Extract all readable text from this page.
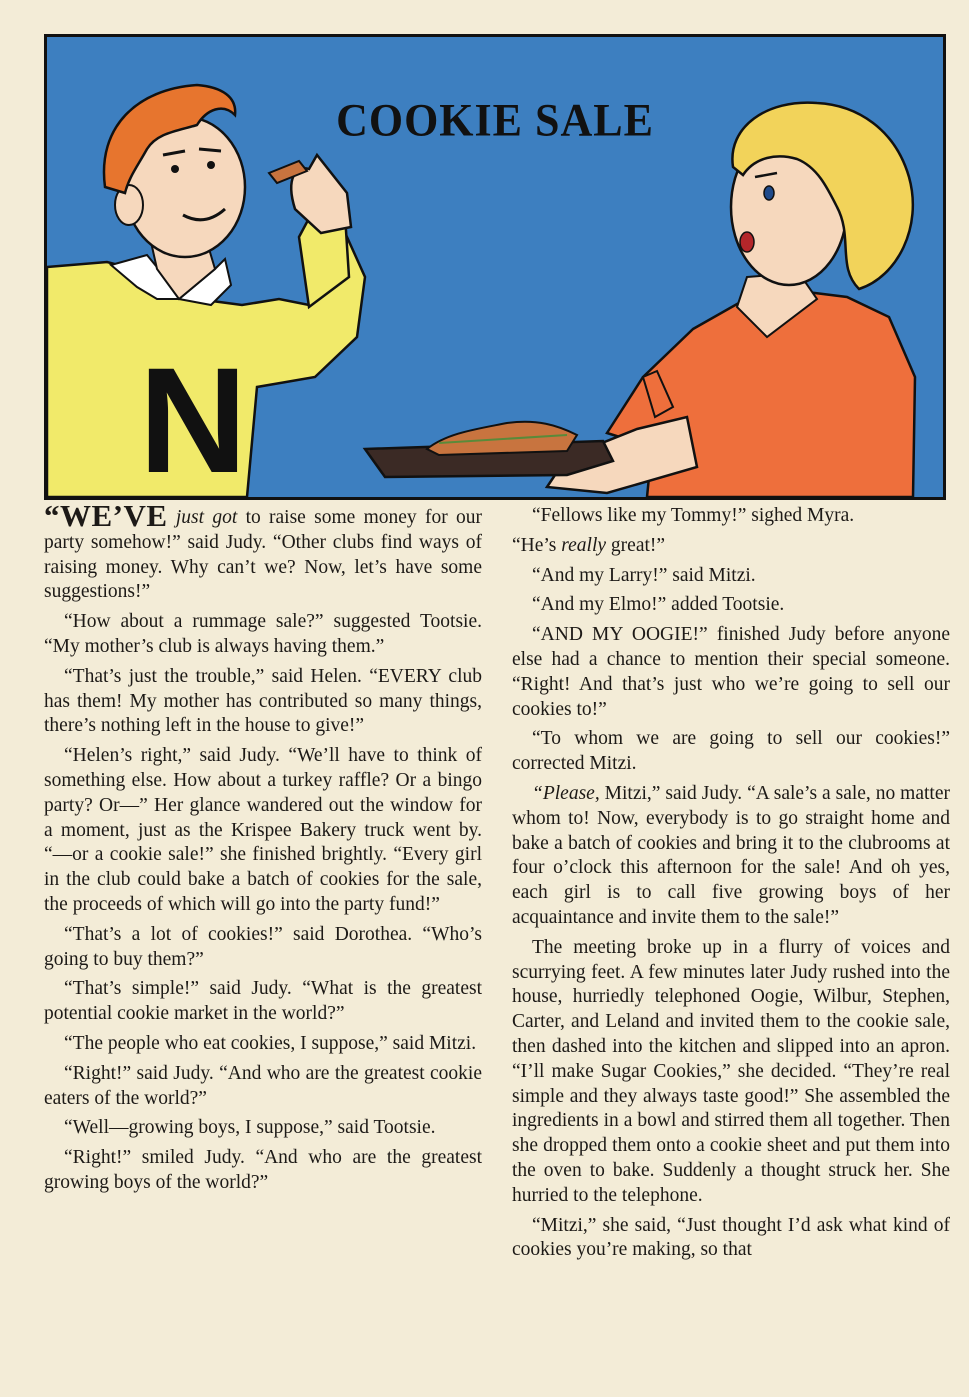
N
COOKIE SALE

“WE’VE just got to raise some money for our party somehow!” said Judy. “Other clubs find ways of raising money. Why can’t we? Now, let’s have some suggestions!”

“How about a rummage sale?” suggested Tootsie. “My mother’s club is always having them.”

“That’s just the trouble,” said Helen. “EVERY club has them! My mother has contributed so many things, there’s nothing left in the house to give!”

“Helen’s right,” said Judy. “We’ll have to think of something else. How about a turkey raffle? Or a bingo party? Or—” Her glance wandered out the window for a moment, just as the Krispee Bakery truck went by. “—or a cookie sale!” she finished brightly. “Every girl in the club could bake a batch of cookies for the sale, the proceeds of which will go into the party fund!”

“That’s a lot of cookies!” said Dorothea. “Who’s going to buy them?”

“That’s simple!” said Judy. “What is the greatest potential cookie market in the world?”

“The people who eat cookies, I suppose,” said Mitzi.

“Right!” said Judy. “And who are the greatest cookie eaters of the world?”

“Well—growing boys, I suppose,” said Tootsie.

“Right!” smiled Judy. “And who are the greatest growing boys of the world?”

“Fellows like my Tommy!” sighed Myra.

“He’s really great!”

“And my Larry!” said Mitzi.

“And my Elmo!” added Tootsie.

“AND MY OOGIE!” finished Judy before anyone else had a chance to mention their special someone. “Right! And that’s just who we’re going to sell our cookies to!”

“To whom we are going to sell our cookies!” corrected Mitzi.

“Please, Mitzi,” said Judy. “A sale’s a sale, no matter whom to! Now, everybody is to go straight home and bake a batch of cookies and bring it to the clubrooms at four o’clock this afternoon for the sale! And oh yes, each girl is to call five growing boys of her acquaintance and invite them to the sale!”

The meeting broke up in a flurry of voices and scurrying feet. A few minutes later Judy rushed into the house, hurriedly telephoned Oogie, Wilbur, Stephen, Carter, and Leland and invited them to the cookie sale, then dashed into the kitchen and slipped into an apron. “I’ll make Sugar Cookies,” she decided. “They’re real simple and they always taste good!” She assembled the ingredients in a bowl and stirred them all together. Then she dropped them onto a cookie sheet and put them into the oven to bake. Suddenly a thought struck her. She hurried to the telephone.

“Mitzi,” she said, “Just thought I’d ask what kind of cookies you’re making, so that
